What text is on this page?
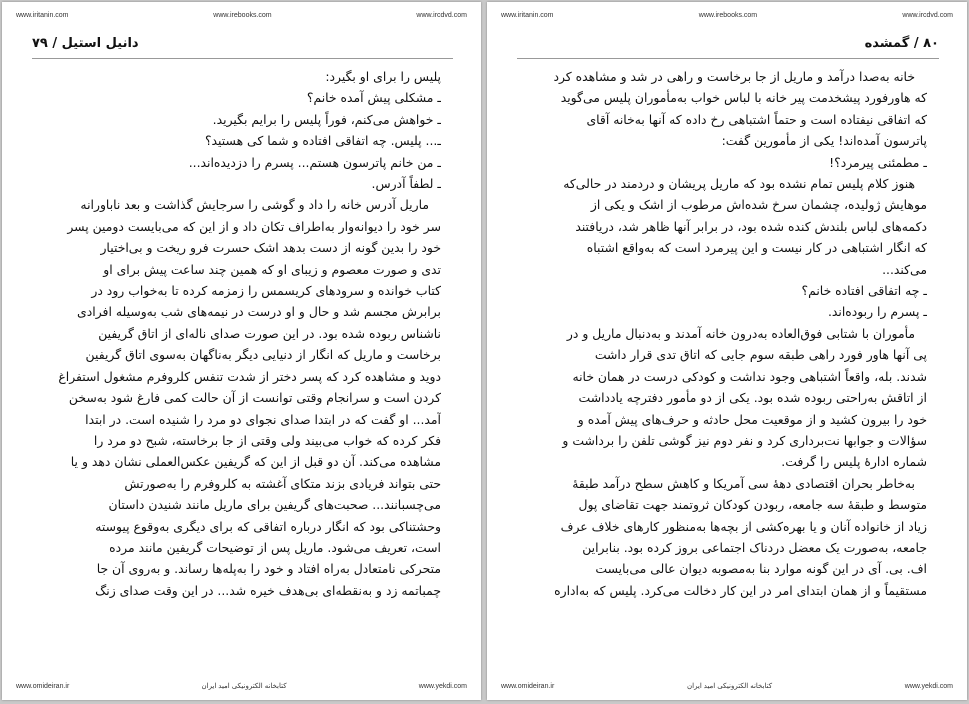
www.iritanin.com	www.irebooks.com	www.ircdvd.com
دانیل استیل / ۷۹
پلیس را برای او بگیرد:
ـ مشکلی پیش آمده خانم؟
ـ خواهش می‌کنم، فوراً پلیس را برایم بگیرید.
ـ... پلیس. چه اتفاقی افتاده و شما کی هستید؟
ـ من خانم پاترسون هستم... پسرم را دزدیده‌اند...
ـ لطفاً آدرس.
ماریل آدرس خانه را داد و گوشی را سرجایش گذاشت و بعد ناباورانه
سر خود را دیوانه‌وار به‌اطراف تکان داد و از این که می‌بایست دومین پسر
خود را بدین گونه از دست بدهد اشک حسرت فرو ریخت و بی‌اختیار
تدی و صورت معصوم و زیبای او که همین چند ساعت پیش برای او
کتاب خوانده و سرودهای کریسمس را زمزمه کرده تا به‌خواب رود در
برابرش مجسم شد و حال و او درست در نیمه‌های شب به‌وسیله افرادی
ناشناس ربوده شده بود. در این صورت صدای ناله‌ای از اتاق گریفین
برخاست و ماریل که انگار از دنیایی دیگر به‌ناگهان به‌سوی اتاق گریفین
دوید و مشاهده کرد که پسر دختر از شدت تنفس کلروفرم مشغول استفراغ
کردن است و سرانجام وقتی توانست از آن حالت کمی فارغ شود به‌سخن
آمد... او گفت که در ابتدا صدای نجوای دو مرد را شنیده است. در ابتدا
فکر کرده که خواب می‌بیند ولی وقتی از جا برخاسته، شبح دو مرد را
مشاهده می‌کند. آن دو قبل از این که گریفین عکس‌العملی نشان دهد و یا
حتی بتواند فریادی بزند متکای آغشته به کلروفرم را به‌صورتش
می‌چسبانند... صحبت‌های گریفین برای ماریل مانند شنیدن داستان
وحشتناکی بود که انگار درباره اتفاقی که برای دیگری به‌وقوع پیوسته
است، تعریف می‌شود. ماریل پس از توضیحات گریفین مانند مرده
متحرکی نامتعادل به‌راه افتاد و خود را به‌پله‌ها رساند. و به‌روی آن جا
چمباتمه زد و به‌نقطه‌ای بی‌هدف خیره شد... در این وقت صدای زنگ
www.omideiran.ir	کتابخانه الکترونیکی امید ایران	www.yekdi.com
www.iritanin.com	www.irebooks.com	www.ircdvd.com
۸۰ / گمشده
خانه به‌صدا درآمد و ماریل از جا برخاست و راهی در شد و مشاهده کرد
که هاورفورد پیشخدمت پیر خانه با لباس خواب به‌مأموران پلیس می‌گوید
که اتفاقی نیفتاده است و حتماً اشتباهی رخ داده که آنها به‌خانه آقای
پاترسون آمده‌اند! یکی از مأمورین گفت:
ـ مطمئنی پیرمرد؟!
هنوز کلام پلیس تمام نشده بود که ماریل پریشان و دردمند در حالی‌که
موهایش ژولیده، چشمان سرخ شده‌اش مرطوب از اشک و یکی از
دکمه‌های لباس بلندش کنده شده بود، در برابر آنها ظاهر شد، دریافتند
که انگار اشتباهی در کار نیست و این پیرمرد است که به‌واقع اشتباه
می‌کند...
ـ چه اتفاقی افتاده خانم؟
ـ پسرم را ربوده‌اند.
مأموران با شتابی فوق‌العاده به‌درون خانه آمدند و به‌دنبال ماریل و در
پی آنها هاور فورد راهی طبقه سوم جایی که اتاق تدی قرار داشت
شدند. بله، واقعاً اشتباهی وجود نداشت و کودکی درست در همان خانه
از اتاقش به‌راحتی ربوده شده بود. یکی از دو مأمور دفترچه یادداشت
خود را بیرون کشید و از موقعیت محل حادثه و حرف‌های پیش آمده و
سؤالات و جوابها نت‌برداری کرد و نفر دوم نیز گوشی تلفن را برداشت و
شماره ادارهٔ پلیس را گرفت.
به‌خاطر بحران اقتصادی دههٔ سی آمریکا و کاهش سطح درآمد طبقهٔ
متوسط و طبقهٔ سه جامعه، ربودن کودکان ثروتمند جهت تقاضای پول
زیاد از خانواده آنان و یا بهره‌کشی از بچه‌ها به‌منظور کارهای خلاف عرف
جامعه، به‌صورت یک معضل دردناک اجتماعی بروز کرده بود. بنابراین
اف. بی. آی در این گونه موارد بنا به‌مصوبه دیوان عالی می‌بایست
مستقیماً و از همان ابتدای امر در این کار دخالت می‌کرد. پلیس که به‌اداره
www.omideiran.ir	کتابخانه الکترونیکی امید ایران	www.yekdi.com
